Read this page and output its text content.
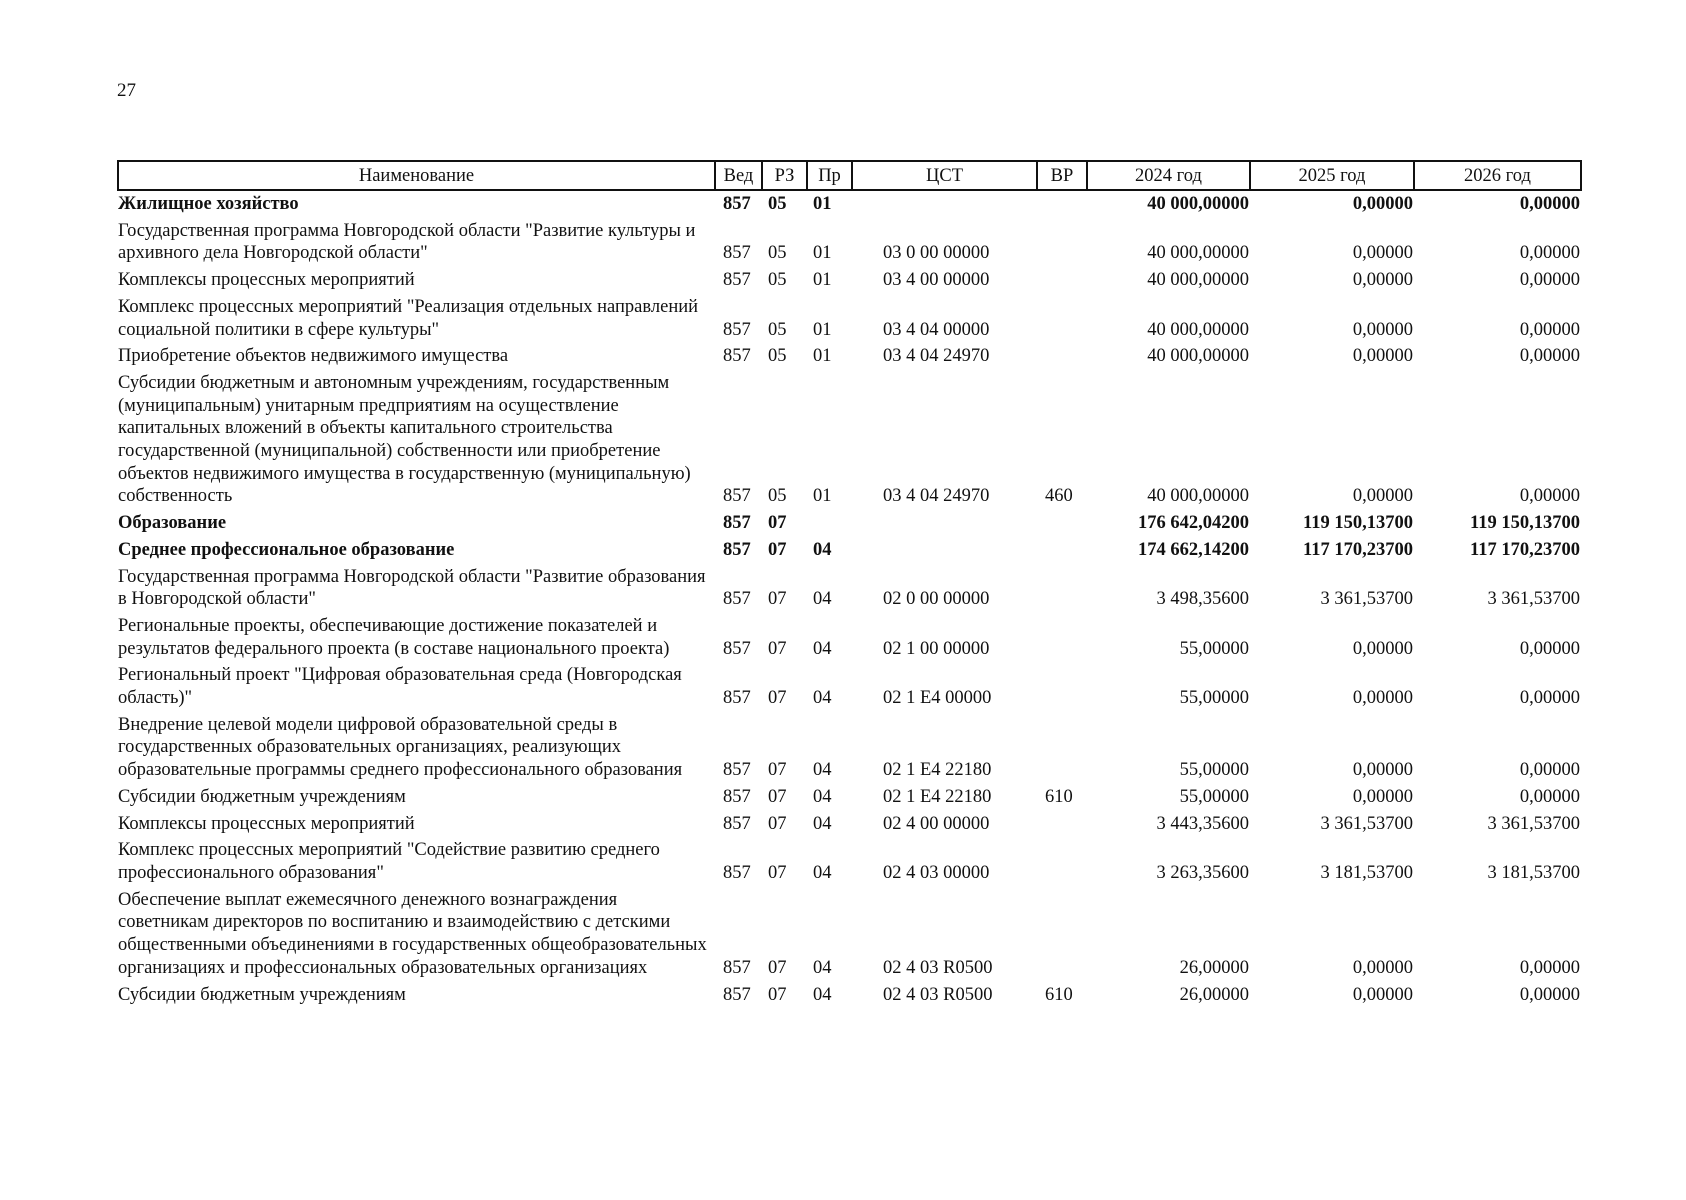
27
Наименование	Вед	РЗ	Пр	ЦСТ	ВР	2024 год	2025 год	2026 год
Жилищное хозяйство	857	05	01			40 000,00000	0,00000	0,00000
Государственная программа Новгородской области "Развитие культуры и архивного дела Новгородской области"	857	05	01	03 0 00 00000		40 000,00000	0,00000	0,00000
Комплексы процессных мероприятий	857	05	01	03 4 00 00000		40 000,00000	0,00000	0,00000
Комплекс процессных мероприятий "Реализация отдельных направлений социальной политики в сфере культуры"	857	05	01	03 4 04 00000		40 000,00000	0,00000	0,00000
Приобретение объектов недвижимого имущества	857	05	01	03 4 04 24970		40 000,00000	0,00000	0,00000
Субсидии бюджетным и автономным учреждениям, государственным (муниципальным) унитарным предприятиям на осуществление капитальных вложений в объекты капитального строительства государственной (муниципальной) собственности или приобретение объектов недвижимого имущества в государственную (муниципальную) собственность	857	05	01	03 4 04 24970	460	40 000,00000	0,00000	0,00000
Образование	857	07				176 642,04200	119 150,13700	119 150,13700
Среднее профессиональное образование	857	07	04			174 662,14200	117 170,23700	117 170,23700
Государственная программа Новгородской области "Развитие образования в Новгородской области"	857	07	04	02 0 00 00000		3 498,35600	3 361,53700	3 361,53700
Региональные проекты, обеспечивающие достижение показателей и результатов федерального проекта (в составе национального проекта)	857	07	04	02 1 00 00000		55,00000	0,00000	0,00000
Региональный проект "Цифровая образовательная среда (Новгородская область)"	857	07	04	02 1 E4 00000		55,00000	0,00000	0,00000
Внедрение целевой модели цифровой образовательной среды в государственных образовательных организациях, реализующих образовательные программы среднего профессионального образования	857	07	04	02 1 E4 22180		55,00000	0,00000	0,00000
Субсидии бюджетным учреждениям	857	07	04	02 1 E4 22180	610	55,00000	0,00000	0,00000
Комплексы процессных мероприятий	857	07	04	02 4 00 00000		3 443,35600	3 361,53700	3 361,53700
Комплекс процессных мероприятий "Содействие развитию среднего профессионального образования"	857	07	04	02 4 03 00000		3 263,35600	3 181,53700	3 181,53700
Обеспечение выплат ежемесячного денежного вознаграждения советникам директоров по воспитанию и взаимодействию с детскими общественными объединениями в государственных общеобразовательных организациях и профессиональных образовательных организациях	857	07	04	02 4 03 R0500		26,00000	0,00000	0,00000
Субсидии бюджетным учреждениям	857	07	04	02 4 03 R0500	610	26,00000	0,00000	0,00000
